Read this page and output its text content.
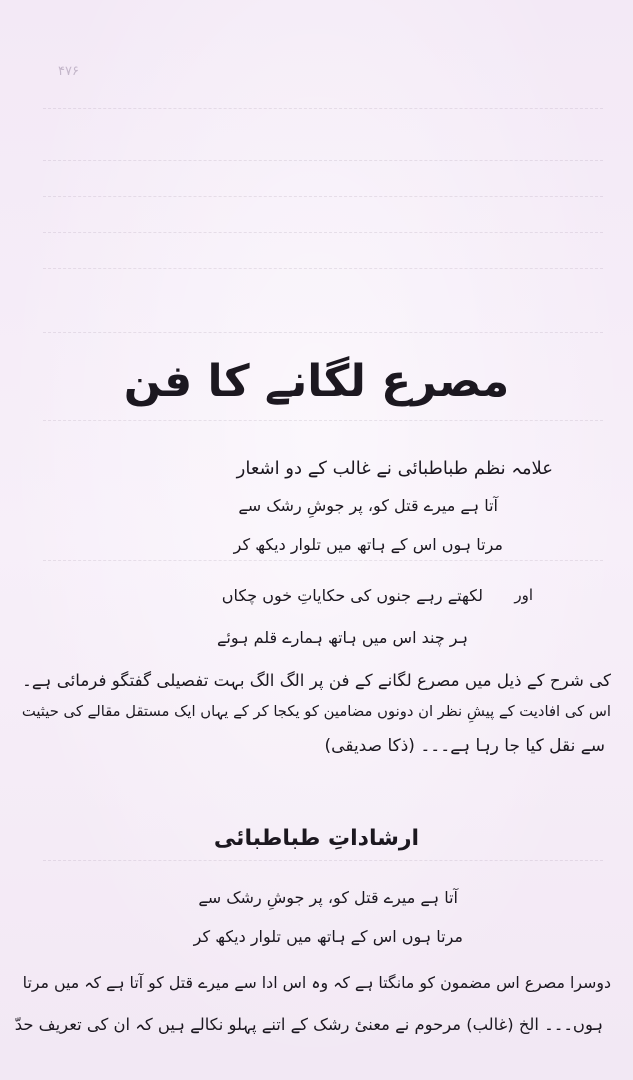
۴۷۶
مصرع لگانے کا فن
علامہ نظم طباطبائی نے غالب کے دو اشعار
آتا ہے میرے قتل کو، پر جوشِ رشک سے
مرتا ہوں اس کے ہاتھ میں تلوار دیکھ کر
اور
لکھتے رہے جنوں کی حکایاتِ خوں چکاں
ہر چند اس میں ہاتھ ہمارے قلم ہوئے
کی شرح کے ذیل میں مصرع لگانے کے فن پر الگ الگ بہت تفصیلی گفتگو فرمائی ہے۔
اس کی افادیت کے پیشِ نظر ان دونوں مضامین کو یکجا کر کے یہاں ایک مستقل مقالے کی حیثیت
سے نقل کیا جا رہا ہے۔۔۔ (ذکا صدیقی)
ارشاداتِ طباطبائی
آتا ہے میرے قتل کو، پر جوشِ رشک سے
مرتا ہوں اس کے ہاتھ میں تلوار دیکھ کر
دوسرا مصرع اس مضمون کو مانگتا ہے کہ وہ اس ادا سے میرے قتل کو آتا ہے کہ میں مرتا
ہوں۔۔۔ الخ (غالب) مرحوم نے معنیٔ رشک کے اتنے پہلو نکالے ہیں کہ ان کی تعریف حدّ
